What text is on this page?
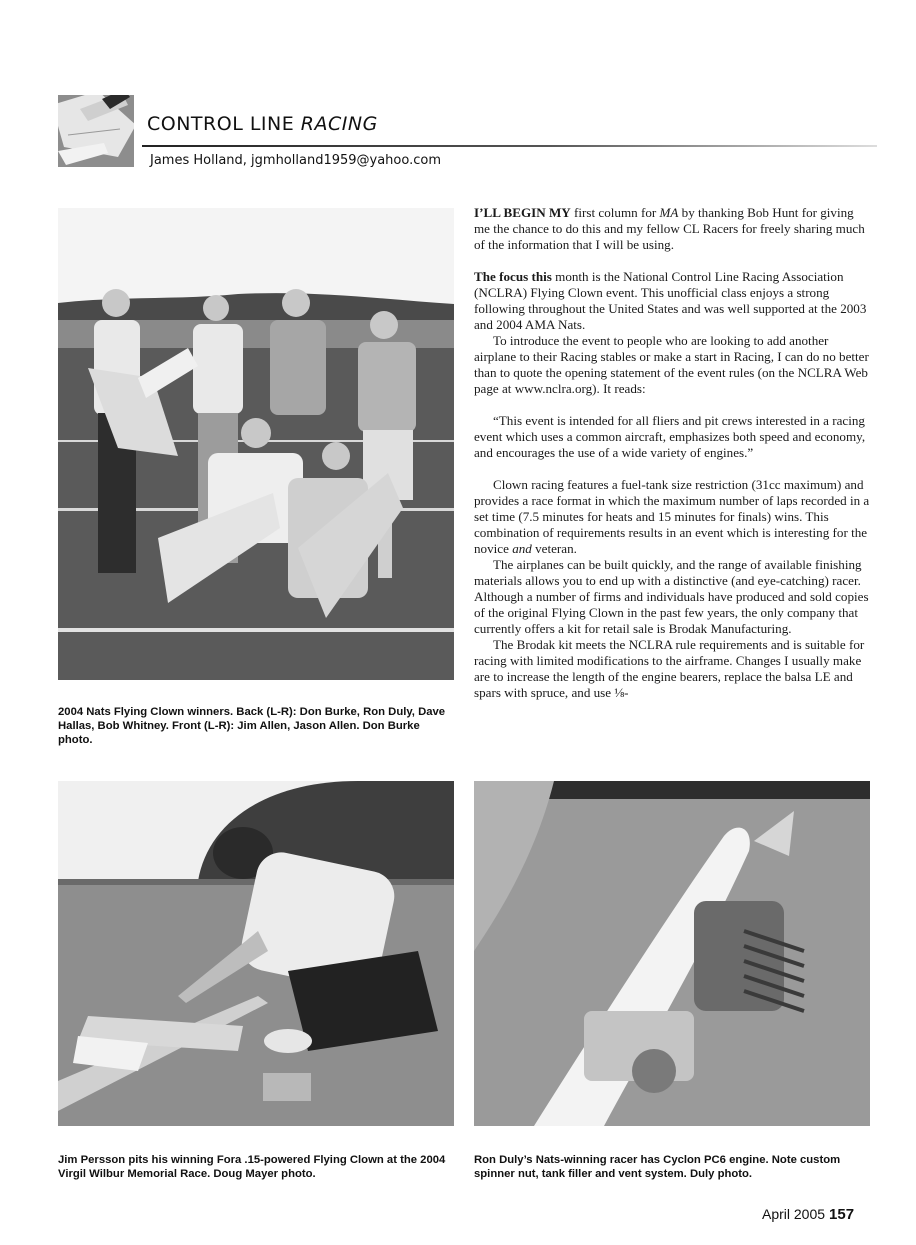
CONTROL LINE RACING
James Holland, jgmholland1959@yahoo.com

2004 Nats Flying Clown winners. Back (L-R): Don Burke, Ron Duly, Dave Hallas, Bob Whitney. Front (L-R): Jim Allen, Jason Allen. Don Burke photo.

I’LL BEGIN MY first column for MA by thanking Bob Hunt for giving me the chance to do this and my fellow CL Racers for freely sharing much of the information that I will be using.

The focus this month is the National Control Line Racing Association (NCLRA) Flying Clown event. This unofficial class enjoys a strong following throughout the United States and was well supported at the 2003 and 2004 AMA Nats.

To introduce the event to people who are looking to add another airplane to their Racing stables or make a start in Racing, I can do no better than to quote the opening statement of the event rules (on the NCLRA Web page at www.nclra.org). It reads:

“This event is intended for all fliers and pit crews interested in a racing event which uses a common aircraft, emphasizes both speed and economy, and encourages the use of a wide variety of engines.”

Clown racing features a fuel-tank size restriction (31cc maximum) and provides a race format in which the maximum number of laps recorded in a set time (7.5 minutes for heats and 15 minutes for finals) wins. This combination of requirements results in an event which is interesting for the novice and veteran.

The airplanes can be built quickly, and the range of available finishing materials allows you to end up with a distinctive (and eye-catching) racer. Although a number of firms and individuals have produced and sold copies of the original Flying Clown in the past few years, the only company that currently offers a kit for retail sale is Brodak Manufacturing.

The Brodak kit meets the NCLRA rule requirements and is suitable for racing with limited modifications to the airframe. Changes I usually make are to increase the length of the engine bearers, replace the balsa LE and spars with spruce, and use ⅛-

Jim Persson pits his winning Fora .15-powered Flying Clown at the 2004 Virgil Wilbur Memorial Race. Doug Mayer photo.

Ron Duly’s Nats-winning racer has Cyclon PC6 engine. Note custom spinner nut, tank filler and vent system. Duly photo.

April 2005 157
